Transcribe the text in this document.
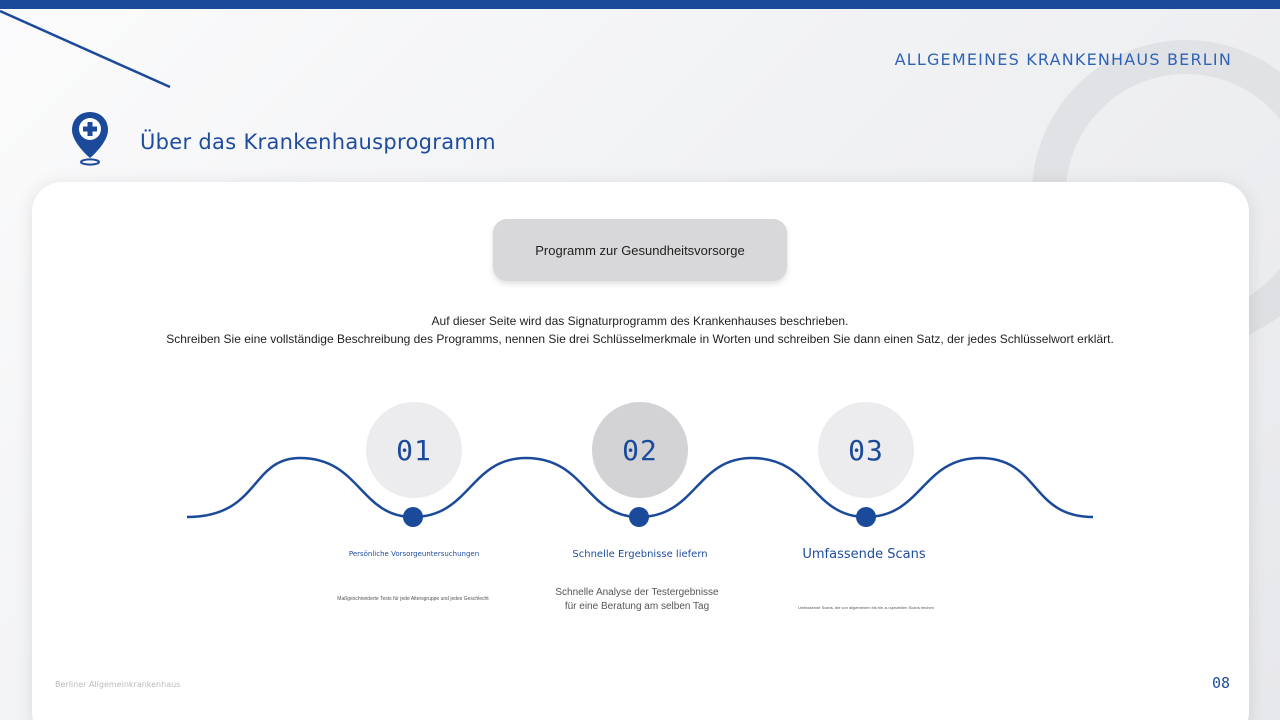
ALLGEMEINES KRANKENHAUS BERLIN
Über das Krankenhausprogramm
Programm zur Gesundheitsvorsorge
Auf dieser Seite wird das Signaturprogramm des Krankenhauses beschrieben.
Schreiben Sie eine vollständige Beschreibung des Programms, nennen Sie drei Schlüsselmerkmale in Worten und schreiben Sie dann einen Satz, der jedes Schlüsselwort erklärt.
01	02	03
Persönliche Vorsorgeuntersuchungen	Schnelle Ergebnisse liefern	Umfassende Scans
Maßgeschneiderte Tests für jede Altersgruppe und jedes Geschlecht
Schnelle Analyse der Testergebnisse
für eine Beratung am selben Tag	Umfassende Scans, die von allgemeinen bis hin zu speziellen Scans reichen
Berliner Allgemeinkrankenhaus	08
